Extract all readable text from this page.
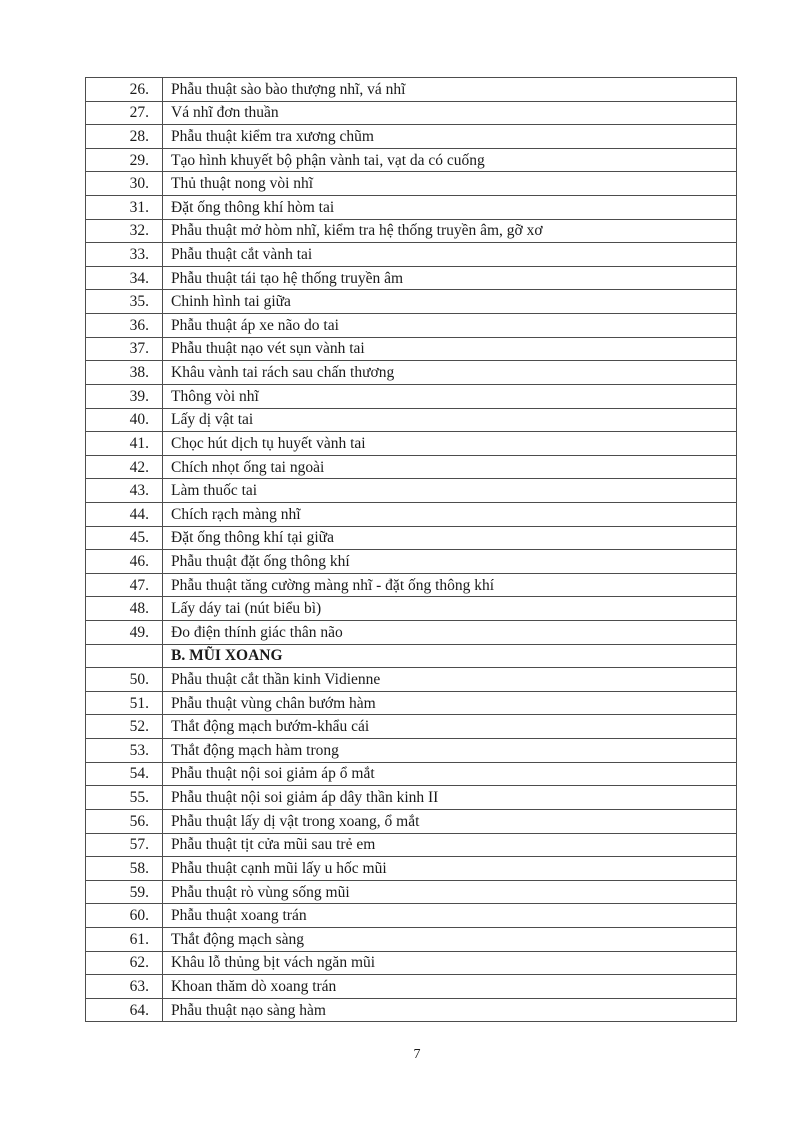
26.	Phẫu thuật sào bào thượng nhĩ, vá nhĩ
27.	Vá nhĩ đơn thuần
28.	Phẫu thuật kiểm tra xương chũm
29.	Tạo hình khuyết bộ phận vành tai, vạt da có cuống
30.	Thủ thuật nong vòi nhĩ
31.	Đặt ống thông khí hòm tai
32.	Phẫu thuật mở hòm nhĩ, kiểm tra hệ thống truyền âm, gỡ xơ
33.	Phẫu thuật cắt vành tai
34.	Phẫu thuật tái tạo hệ thống truyền âm
35.	Chinh hình tai giữa
36.	Phẫu thuật áp xe não do tai
37.	Phẫu thuật nạo vét sụn vành tai
38.	Khâu vành tai rách sau chấn thương
39.	Thông vòi nhĩ
40.	Lấy dị vật tai
41.	Chọc hút dịch tụ huyết vành tai
42.	Chích nhọt ống tai ngoài
43.	Làm thuốc tai
44.	Chích rạch màng nhĩ
45.	Đặt ống thông khí tại giữa
46.	Phẫu thuật đặt ống thông khí
47.	Phẫu thuật tăng cường màng nhĩ - đặt ống thông khí
48.	Lấy dáy tai (nút biểu bì)
49.	Đo điện thính giác thân não
	B. MŨI XOANG
50.	Phẫu thuật cắt thần kinh Vidienne
51.	Phẫu thuật vùng chân bướm hàm
52.	Thắt động mạch bướm-khẩu cái
53.	Thắt động mạch hàm trong
54.	Phẫu thuật nội soi giảm áp ổ mắt
55.	Phẫu thuật nội soi giảm áp dây thần kinh II
56.	Phẫu thuật lấy dị vật trong xoang, ổ mắt
57.	Phẫu thuật tịt cửa mũi sau trẻ em
58.	Phẫu thuật cạnh mũi lấy u hốc mũi
59.	Phẫu thuật rò vùng sống mũi
60.	Phẫu thuật xoang trán
61.	Thắt động mạch sàng
62.	Khâu lỗ thủng bịt vách ngăn mũi
63.	Khoan thăm dò xoang trán
64.	Phẫu thuật nạo sàng hàm
7
